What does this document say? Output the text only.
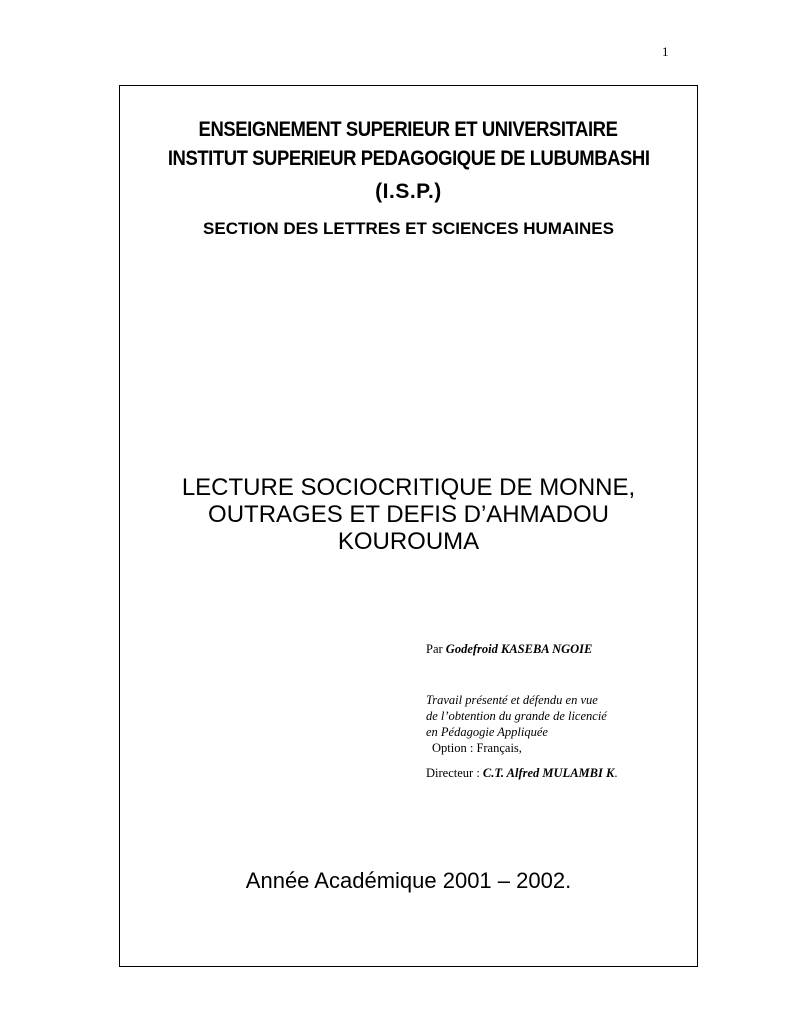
1
ENSEIGNEMENT SUPERIEUR ET UNIVERSITAIRE
INSTITUT SUPERIEUR PEDAGOGIQUE DE LUBUMBASHI
(I.S.P.)
SECTION DES LETTRES ET SCIENCES HUMAINES
LECTURE SOCIOCRITIQUE DE MONNE,
OUTRAGES ET DEFIS D’AHMADOU
KOUROUMA
Par Godefroid KASEBA NGOIE
Travail présenté et défendu en vue
de l’obtention du grande de licencié
en Pédagogie Appliquée
Option : Français,
Directeur : C.T. Alfred MULAMBI K.
Année Académique 2001 – 2002.
